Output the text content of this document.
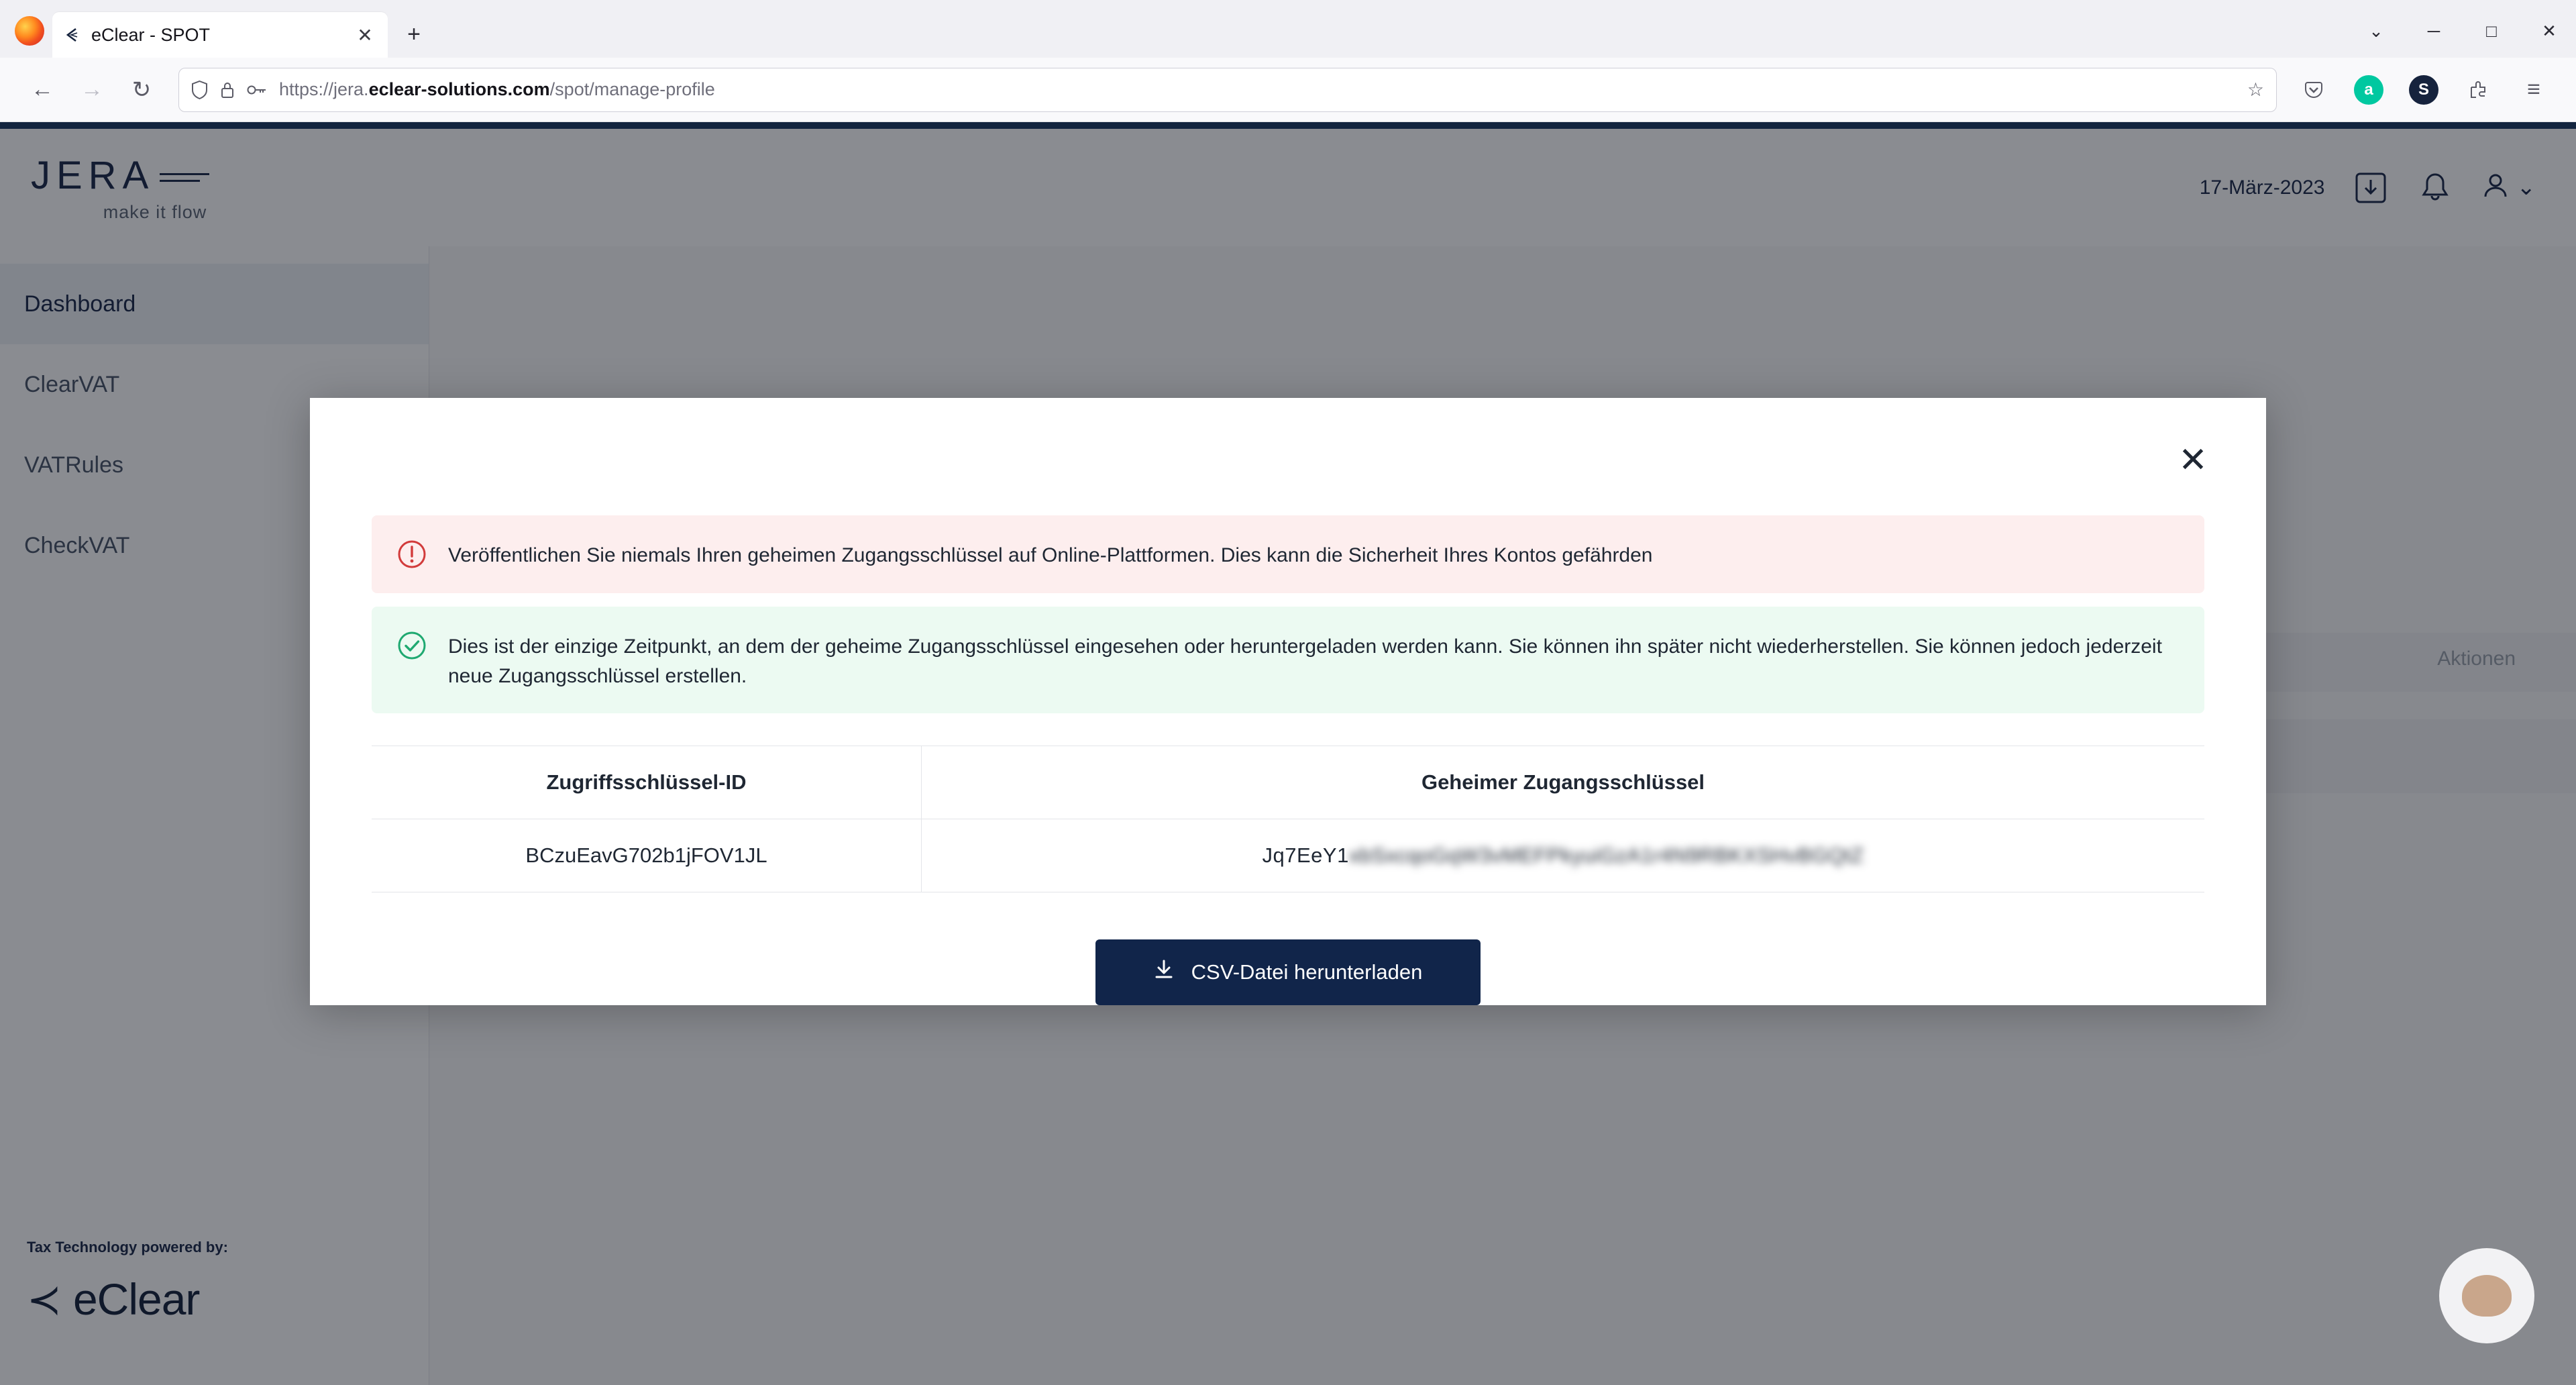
eClear - SPOT	✕	+	⌄	─	□	✕
←	→	↻	https://jera.eclear-solutions.com/spot/manage-profile	☆	a	S	≡
JERA
make it flow
17-März-2023	⌄
Dashboard
ClearVAT
VATRules
CheckVAT
Tax Technology powered by:
≺ eClear
Aktionen
✕
Veröffentlichen Sie niemals Ihren geheimen Zugangsschlüssel auf Online-Plattformen. Dies kann die Sicherheit Ihres Kontos gefährden
Dies ist der einzige Zeitpunkt, an dem der geheime Zugangsschlüssel eingesehen oder heruntergeladen werden kann. Sie können ihn später nicht wiederherstellen. Sie können jedoch jederzeit neue Zugangsschlüssel erstellen.
Zugriffsschlüssel-ID	Geheimer Zugangsschlüssel
BCzuEavG702b1jFOV1JL	Jq7EeY1 xbSxcqoGqW3vMEFPkyuiGzA1r4N9RBKXSHvBGQtZ
CSV-Datei herunterladen
